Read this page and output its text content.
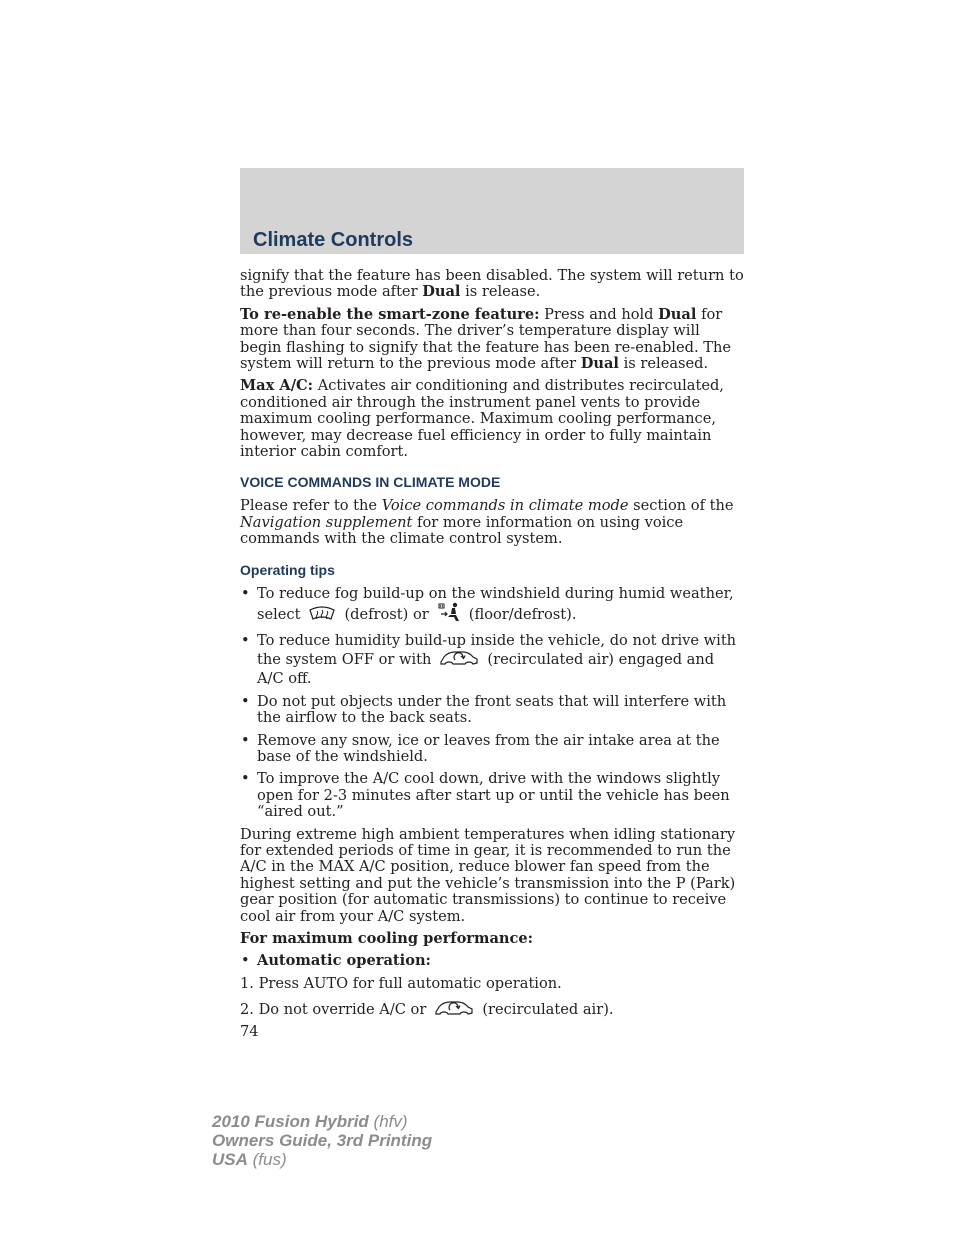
Climate Controls

signify that the feature has been disabled. The system will return to the previous mode after Dual is release.

To re-enable the smart-zone feature: Press and hold Dual for more than four seconds. The driver’s temperature display will begin flashing to signify that the feature has been re-enabled. The system will return to the previous mode after Dual is released.

Max A/C: Activates air conditioning and distributes recirculated, conditioned air through the instrument panel vents to provide maximum cooling performance. Maximum cooling performance, however, may decrease fuel efficiency in order to fully maintain interior cabin comfort.

VOICE COMMANDS IN CLIMATE MODE

Please refer to the Voice commands in climate mode section of the Navigation supplement for more information on using voice commands with the climate control system.

Operating tips
• To reduce fog build-up on the windshield during humid weather, select	(defrost) or	(floor/defrost).
• To reduce humidity build-up inside the vehicle, do not drive with the system OFF or with	(recirculated air) engaged and A/C off.
• Do not put objects under the front seats that will interfere with the airflow to the back seats.
• Remove any snow, ice or leaves from the air intake area at the base of the windshield.
• To improve the A/C cool down, drive with the windows slightly open for 2-3 minutes after start up or until the vehicle has been “aired out.”

During extreme high ambient temperatures when idling stationary for extended periods of time in gear, it is recommended to run the A/C in the MAX A/C position, reduce blower fan speed from the highest setting and put the vehicle’s transmission into the P (Park) gear position (for automatic transmissions) to continue to receive cool air from your A/C system.

For maximum cooling performance:

• Automatic operation:
1. Press AUTO for full automatic operation.
2. Do not override A/C or	(recirculated air).
74
2010 Fusion Hybrid (hfv)
Owners Guide, 3rd Printing
USA (fus)
